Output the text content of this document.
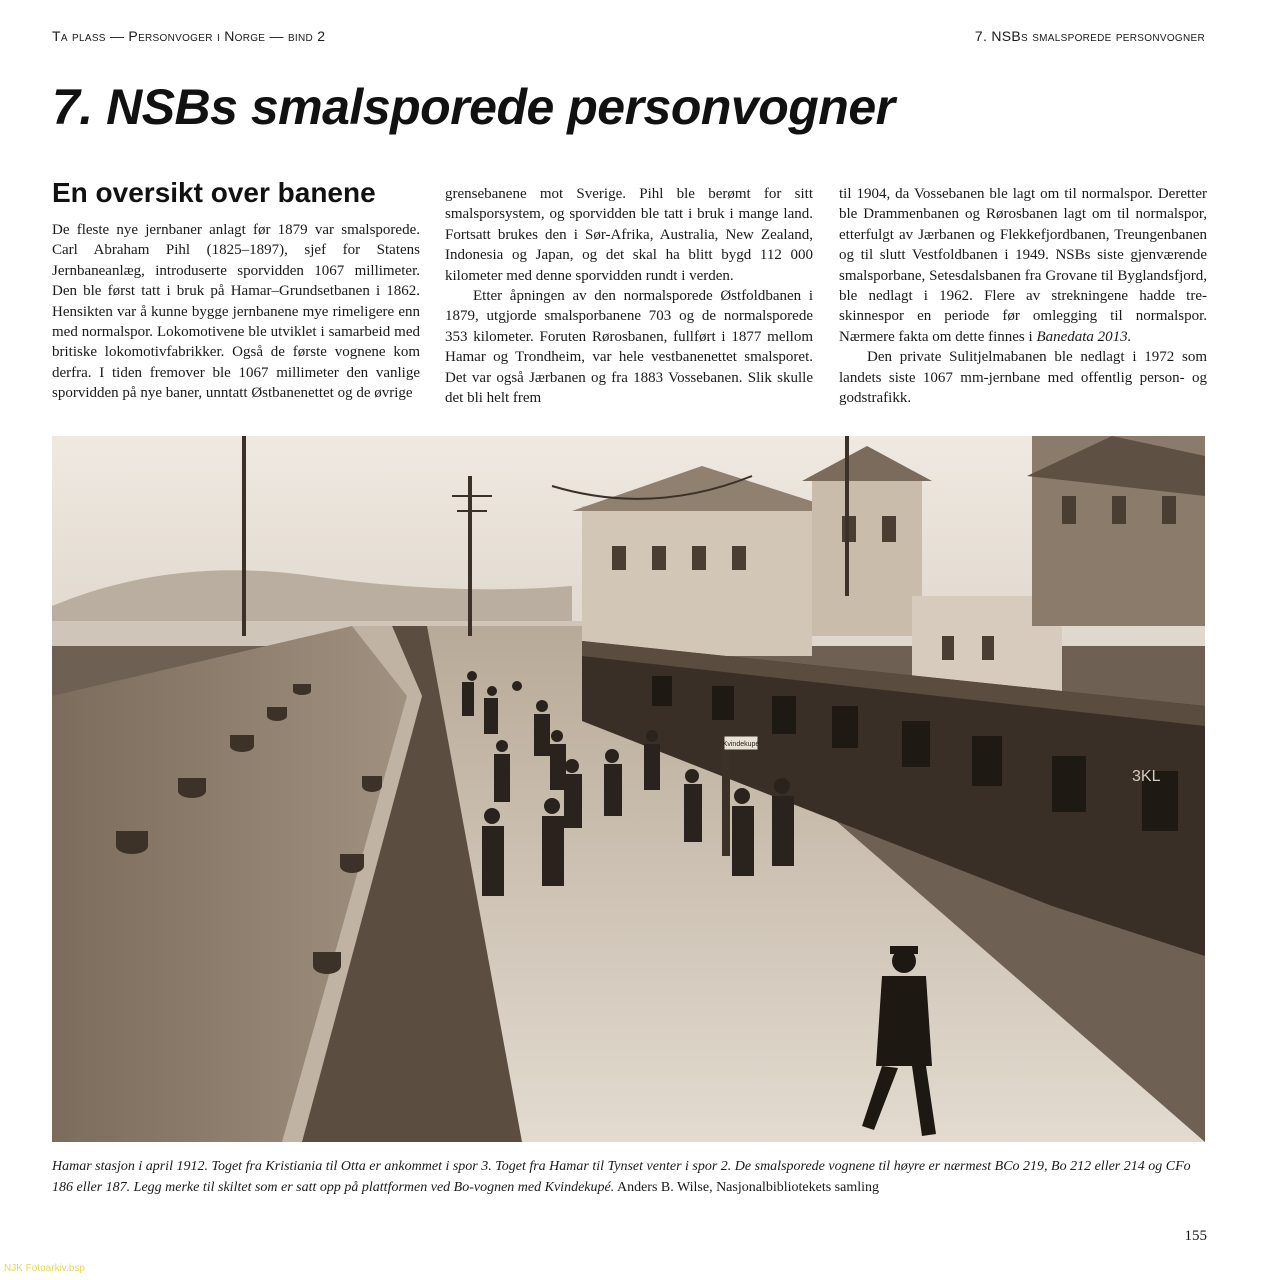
Ta plass — Personvoger i Norge — bind 2	7. NSBs smalsporede personvogner
7. NSBs smalsporede personvogner
En oversikt over banene

De fleste nye jernbaner anlagt før 1879 var smalsporede. Carl Abraham Pihl (1825–1897), sjef for Statens Jernbaneanlæg, introduserte sporvidden 1067 millimeter. Den ble først tatt i bruk på Hamar–Grundsetbanen i 1862. Hensikten var å kunne bygge jernbanene mye rimeligere enn med normalspor. Lokomotivene ble utviklet i samarbeid med britiske lokomotivfabrikker. Også de første vognene kom derfra. I tiden fremover ble 1067 millimeter den vanlige sporvidden på nye baner, unntatt Østbanenettet og de øvrige

grensebanene mot Sverige. Pihl ble berømt for sitt smalsporsystem, og sporvidden ble tatt i bruk i mange land. Fortsatt brukes den i Sør-Afrika, Australia, New Zealand, Indonesia og Japan, og det skal ha blitt bygd 112 000 kilometer med denne sporvidden rundt i verden.

Etter åpningen av den normalsporede Østfoldbanen i 1879, utgjorde smalsporbanene 703 og de normalsporede 353 kilometer. Foruten Rørosbanen, fullført i 1877 mellom Hamar og Trondheim, var hele vestbanenettet smalsporet. Det var også Jærbanen og fra 1883 Vossebanen. Slik skulle det bli helt frem

til 1904, da Vossebanen ble lagt om til normalspor. Deretter ble Drammenbanen og Rørosbanen lagt om til normalspor, etterfulgt av Jærbanen og Flekkefjordbanen, Treungenbanen og til slutt Vestfoldbanen i 1949. NSBs siste gjenværende smalsporbane, Setesdalsbanen fra Grovane til Byglandsfjord, ble nedlagt i 1962. Flere av strekningene hadde tre-skinnespor en periode før omlegging til normalspor. Nærmere fakta om dette finnes i Banedata 2013.

Den private Sulitjelmabanen ble nedlagt i 1972 som landets siste 1067 mm-jernbane med offentlig person- og godstrafikk.

Kvindekupé
3KL
Hamar stasjon i april 1912. Toget fra Kristiania til Otta er ankommet i spor 3. Toget fra Hamar til Tynset venter i spor 2. De smalsporede vognene til høyre er nærmest BCo 219, Bo 212 eller 214 og CFo 186 eller 187. Legg merke til skiltet som er satt opp på plattformen ved Bo-vognen med Kvindekupé. Anders B. Wilse, Nasjonalbibliotekets samling
155
NJK Fotoarkiv.bsp
